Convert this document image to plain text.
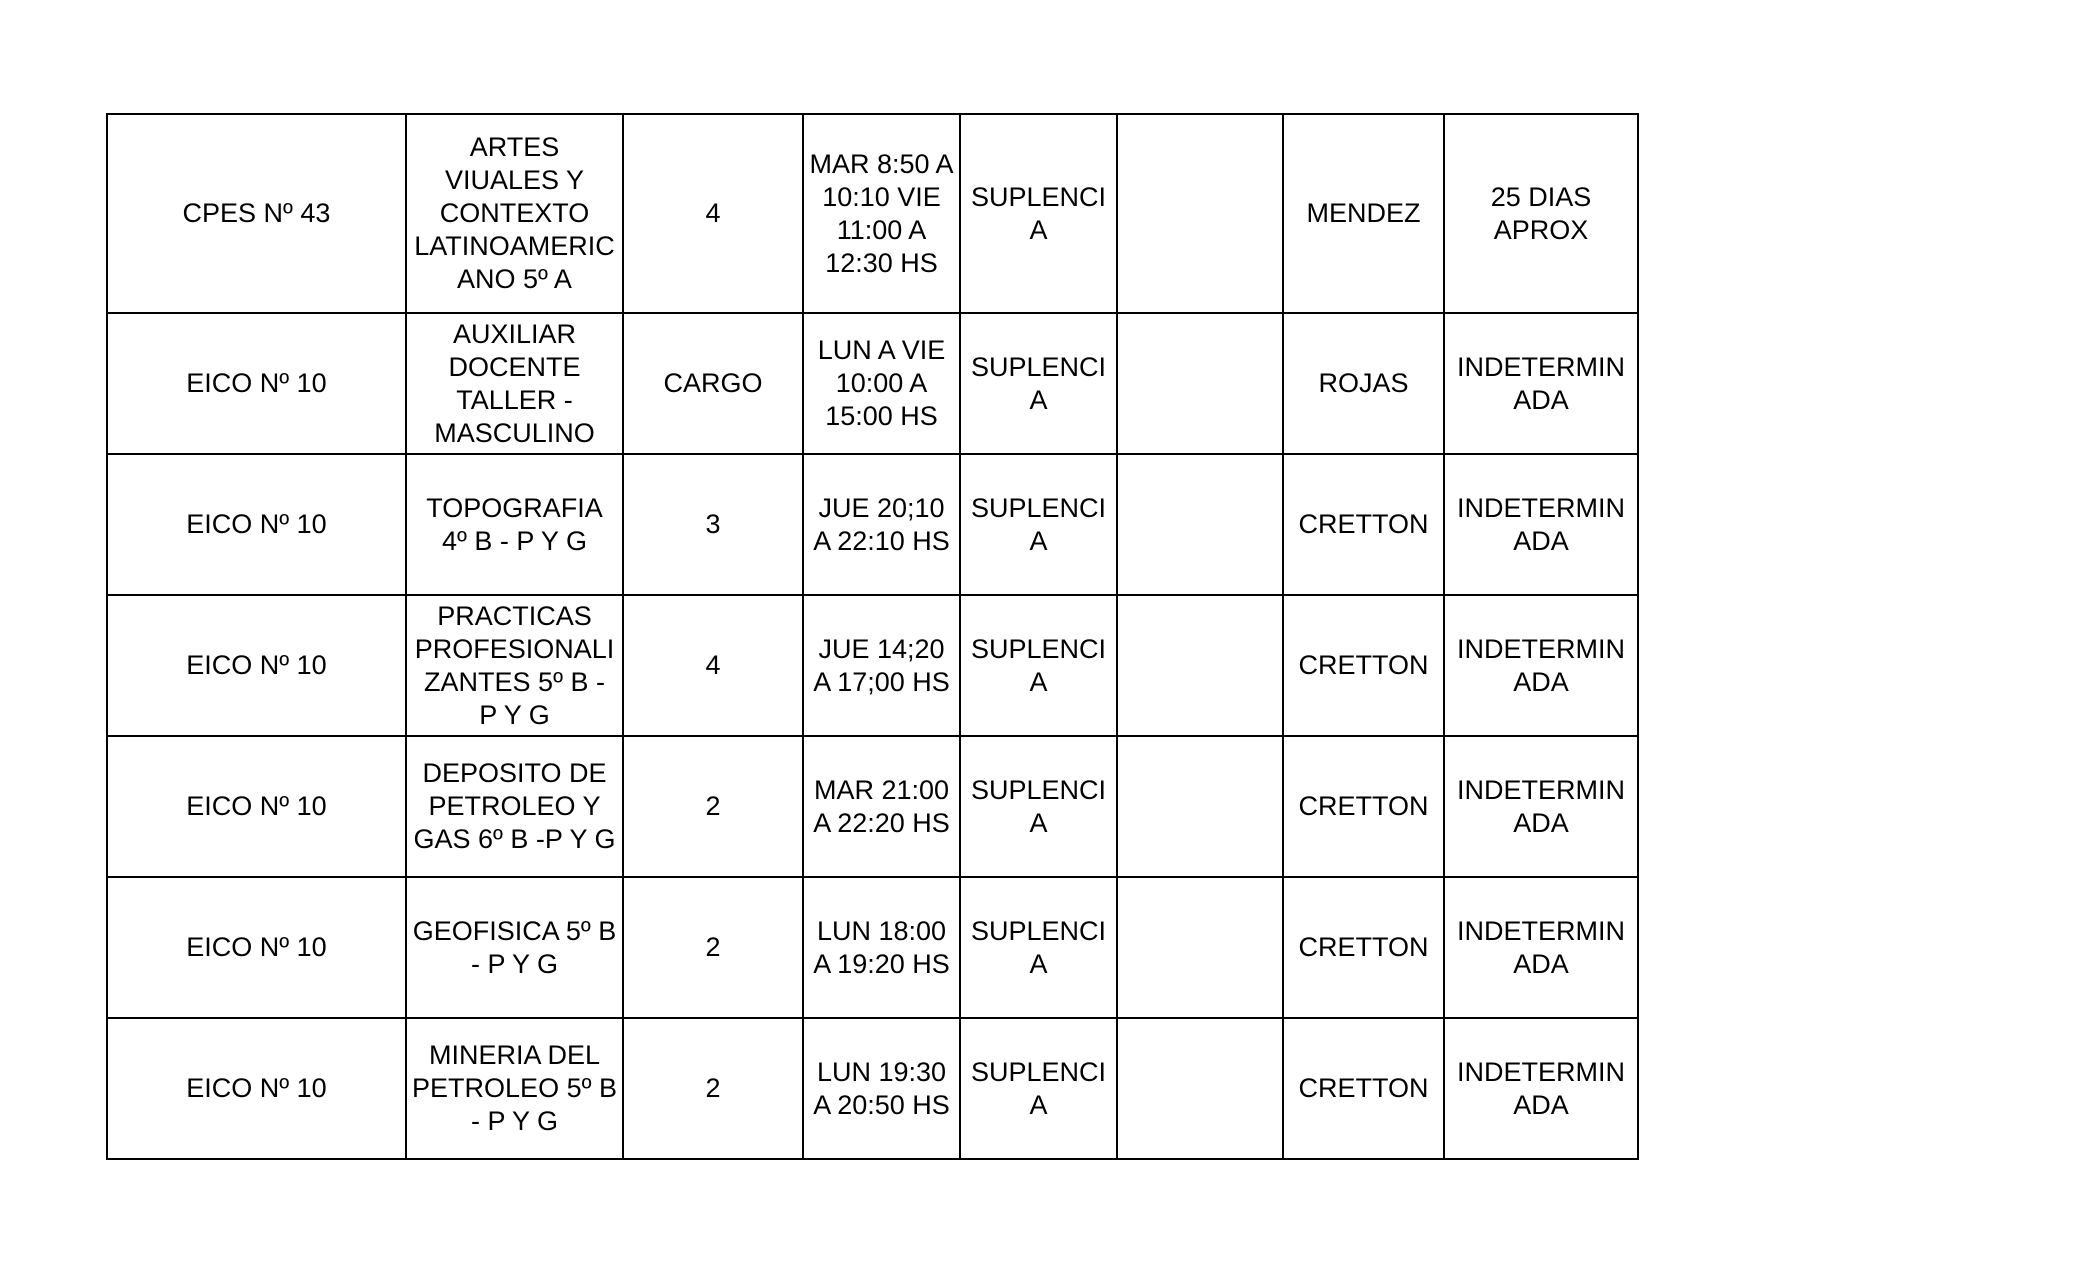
CPES Nº 43	ARTES
VIUALES Y
CONTEXTO
LATINOAMERIC
ANO 5º A	4	MAR 8:50 A
10:10 VIE
11:00 A
12:30 HS	SUPLENCI
A		MENDEZ	25 DIAS
APROX

EICO Nº 10	AUXILIAR
DOCENTE
TALLER -
MASCULINO	CARGO	LUN A VIE
10:00 A
15:00 HS	SUPLENCI
A		ROJAS	INDETERMIN
ADA

EICO Nº 10	TOPOGRAFIA
4º B - P Y G	3	JUE 20;10
A 22:10 HS	SUPLENCI
A		CRETTON	INDETERMIN
ADA

EICO Nº 10	PRACTICAS
PROFESIONALI
ZANTES 5º B -
P Y G	4	JUE 14;20
A 17;00 HS	SUPLENCI
A		CRETTON	INDETERMIN
ADA

EICO Nº 10	DEPOSITO DE
PETROLEO Y
GAS 6º B -P Y G	2	MAR 21:00
A 22:20 HS	SUPLENCI
A		CRETTON	INDETERMIN
ADA

EICO Nº 10	GEOFISICA 5º B
- P Y G	2	LUN 18:00
A 19:20 HS	SUPLENCI
A		CRETTON	INDETERMIN
ADA

EICO Nº 10	MINERIA DEL
PETROLEO 5º B
- P Y G	2	LUN 19:30
A 20:50 HS	SUPLENCI
A		CRETTON	INDETERMIN
ADA
